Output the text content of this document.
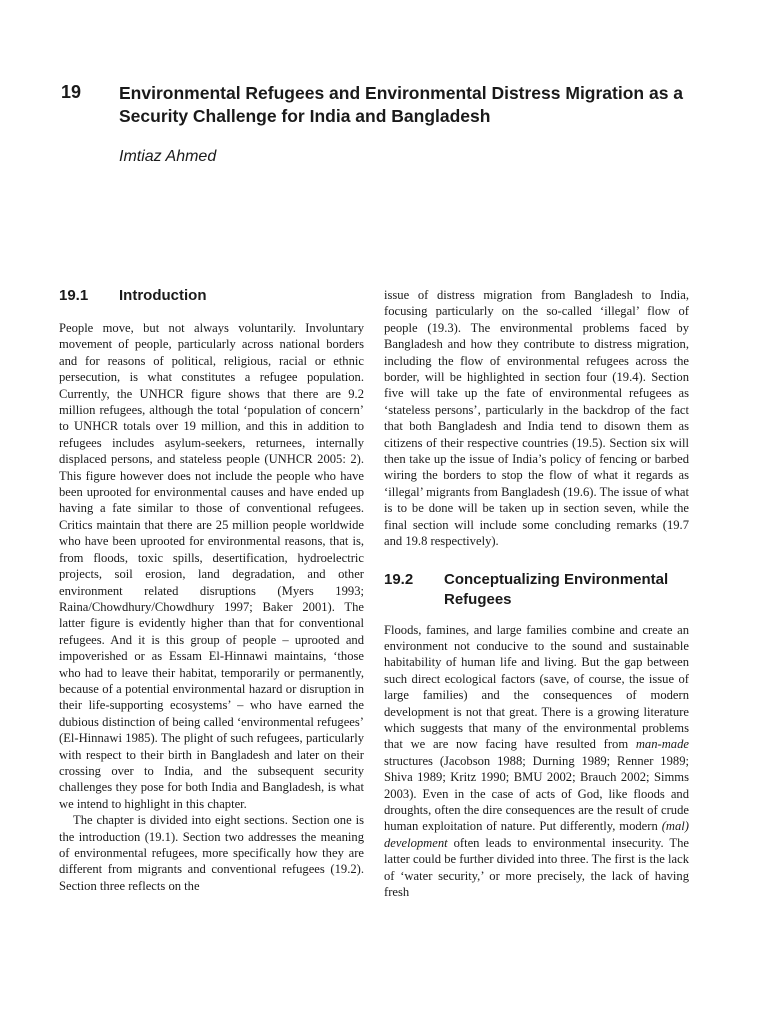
19 Environmental Refugees and Environmental Distress Migration as a Security Challenge for India and Bangladesh
Imtiaz Ahmed
19.1	Introduction

People move, but not always voluntarily. Involuntary movement of people, particularly across national borders and for reasons of political, religious, racial or ethnic persecution, is what constitutes a refugee population. Currently, the UNHCR figure shows that there are 9.2 million refugees, although the total ‘population of concern’ to UNHCR totals over 19 million, and this in addition to refugees includes asylum-seekers, returnees, internally displaced persons, and stateless people (UNHCR 2005: 2). This figure however does not include the people who have been uprooted for environmental causes and have ended up having a fate similar to those of conventional refugees. Critics maintain that there are 25 million people worldwide who have been uprooted for environmental reasons, that is, from floods, toxic spills, desertification, hydroelectric projects, soil erosion, land degradation, and other environment related disruptions (Myers 1993; Raina/Chowdhury/Chowdhury 1997; Baker 2001). The latter figure is evidently higher than that for conventional refugees. And it is this group of people – uprooted and impoverished or as Essam El-Hinnawi maintains, ‘those who had to leave their habitat, temporarily or permanently, because of a potential environmental hazard or disruption in their life-supporting ecosystems’ – who have earned the dubious distinction of being called ‘environmental refugees’ (El-Hinnawi 1985). The plight of such refugees, particularly with respect to their birth in Bangladesh and later on their crossing over to India, and the subsequent security challenges they pose for both India and Bangladesh, is what we intend to highlight in this chapter.

The chapter is divided into eight sections. Section one is the introduction (19.1). Section two addresses the meaning of environmental refugees, more specifically how they are different from migrants and conventional refugees (19.2). Section three reflects on the

issue of distress migration from Bangladesh to India, focusing particularly on the so-called ‘illegal’ flow of people (19.3). The environmental problems faced by Bangladesh and how they contribute to distress migration, including the flow of environmental refugees across the border, will be highlighted in section four (19.4). Section five will take up the fate of environmental refugees as ‘stateless persons’, particularly in the backdrop of the fact that both Bangladesh and India tend to disown them as citizens of their respective countries (19.5). Section six will then take up the issue of India’s policy of fencing or barbed wiring the borders to stop the flow of what it regards as ‘illegal’ migrants from Bangladesh (19.6). The issue of what is to be done will be taken up in section seven, while the final section will include some concluding remarks (19.7 and 19.8 respectively).

19.2	Conceptualizing Environmental Refugees

Floods, famines, and large families combine and create an environment not conducive to the sound and sustainable habitability of human life and living. But the gap between such direct ecological factors (save, of course, the issue of large families) and the consequences of modern development is not that great. There is a growing literature which suggests that many of the environmental problems that we are now facing have resulted from man-made structures (Jacobson 1988; Durning 1989; Renner 1989; Shiva 1989; Kritz 1990; BMU 2002; Brauch 2002; Simms 2003). Even in the case of acts of God, like floods and droughts, often the dire consequences are the result of crude human exploitation of nature. Put differently, modern (mal) development often leads to environmental insecurity. The latter could be further divided into three. The first is the lack of ‘water security,’ or more precisely, the lack of having fresh
